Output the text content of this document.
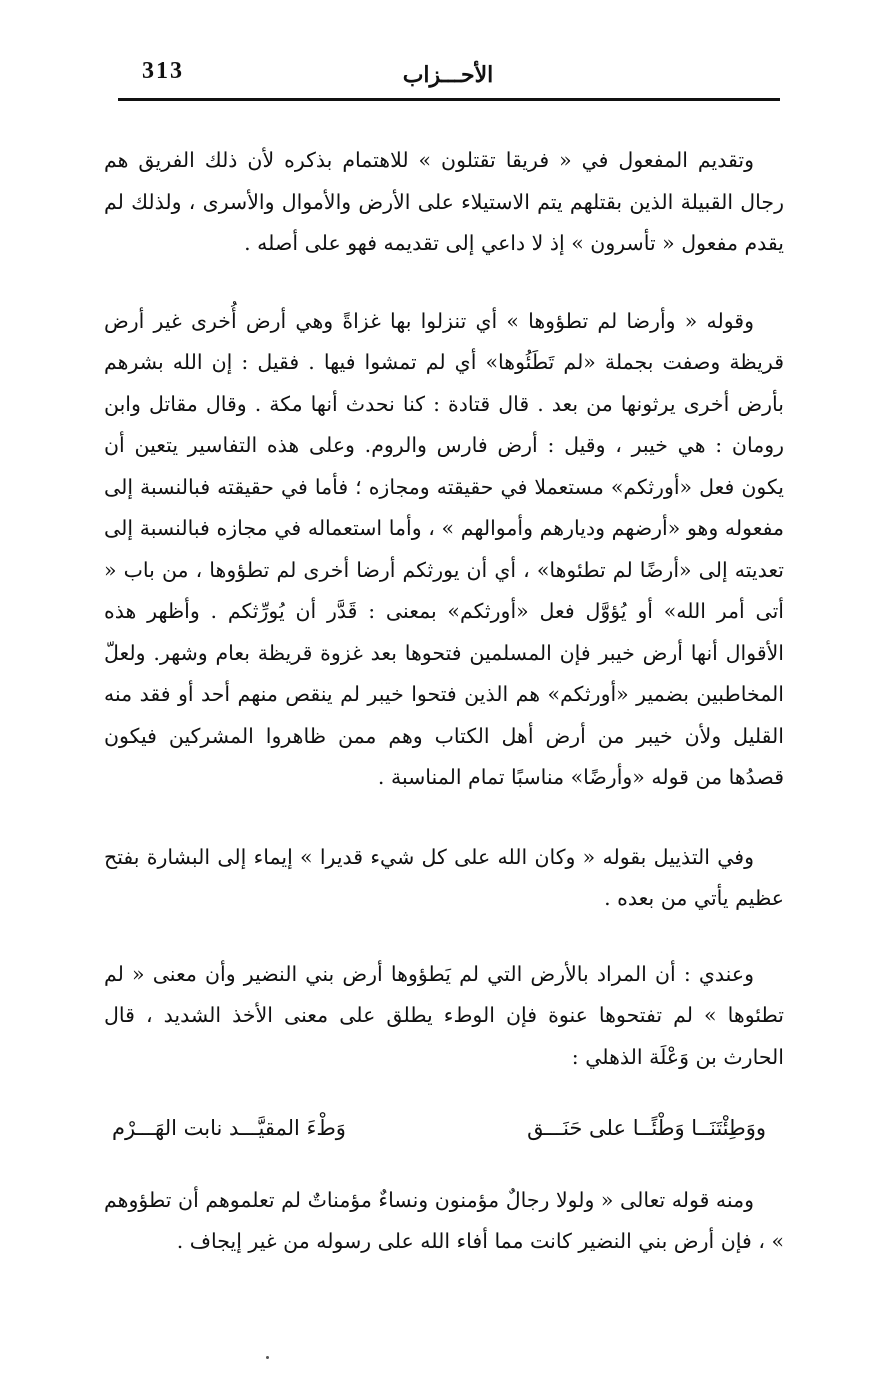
313	الأحـــزاب

وتقديم المفعول في « فريقا تقتلون » للاهتمام بذكره لأن ذلك الفريق هم رجال القبيلة الذين بقتلهم يتم الاستيلاء على الأرض والأموال والأسرى ، ولذلك لم يقدم مفعول « تأسرون » إذ لا داعي إلى تقديمه فهو على أصله .

وقوله « وأرضا لم تطؤوها » أي تنزلوا بها غزاةً وهي أرض أُخرى غير أرض قريظة وصفت بجملة «لم تَطَئُوها» أي لم تمشوا فيها . فقيل : إن الله بشرهم بأرض أخرى يرثونها من بعد . قال قتادة : كنا نحدث أنها مكة . وقال مقاتل وابن رومان : هي خيبر ، وقيل : أرض فارس والروم. وعلى هذه التفاسير يتعين أن يكون فعل «أورثكم» مستعملا في حقيقته ومجازه ؛ فأما في حقيقته فبالنسبة إلى مفعوله وهو «أرضهم وديارهم وأموالهم » ، وأما استعماله في مجازه فبالنسبة إلى تعديته إلى «أرضًا لم تطئوها» ، أي أن يورثكم أرضا أخرى لم تطؤوها ، من باب « أتى أمر الله» أو يُؤوَّل فعل «أورثكم» بمعنى : قَدَّر أن يُورِّثكم . وأظهر هذه الأقوال أنها أرض خيبر فإن المسلمين فتحوها بعد غزوة قريظة بعام وشهر. ولعلّ المخاطبين بضمير «أورثكم» هم الذين فتحوا خيبر لم ينقص منهم أحد أو فقد منه القليل ولأن خيبر من أرض أهل الكتاب وهم ممن ظاهروا المشركين فيكون قصدُها من قوله «وأرضًا» مناسبًا تمام المناسبة .

وفي التذييل بقوله « وكان الله على كل شيء قديرا » إيماء إلى البشارة بفتح عظيم يأتي من بعده .

وعندي : أن المراد بالأرض التي لم يَطؤوها أرض بني النضير وأن معنى « لم تطئوها » لم تفتحوها عنوة فإن الوطء يطلق على معنى الأخذ الشديد ، قال الحارث بن وَعْلَة الذهلي :

ووَطِئْتَنَــا وَطْئًــا على حَنَـــق
وَطْءَ المقيَّـــد نابت الهَـــرْم

ومنه قوله تعالى « ولولا رجالٌ مؤمنون ونساءٌ مؤمناتٌ لم تعلموهم أن تطؤوهم » ، فإن أرض بني النضير كانت مما أفاء الله على رسوله من غير إيجاف .
